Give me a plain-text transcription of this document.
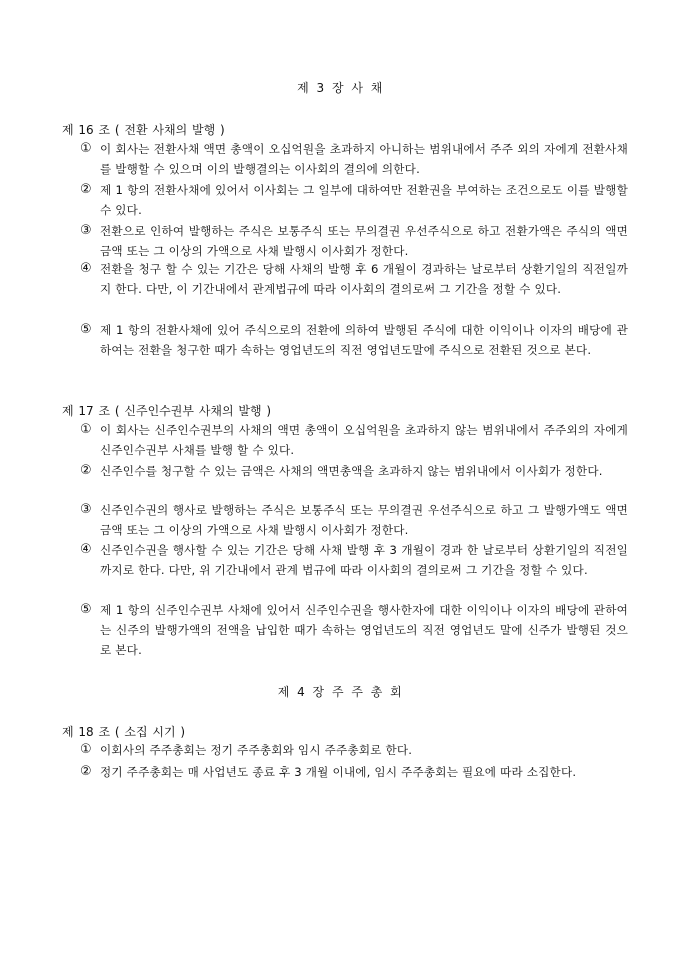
제 3 장 사 채
제 16 조 ( 전환 사채의 발행 )
① 이 회사는 전환사채 액면 총액이 오십억원을 초과하지 아니하는 범위내에서 주주 외의 자에게 전환사채를 발행할 수 있으며 이의 발행결의는 이사회의 결의에 의한다.
② 제 1 항의 전환사채에 있어서 이사회는 그 일부에 대하여만 전환권을 부여하는 조건으로도 이를 발행할 수 있다.
③ 전환으로 인하여 발행하는 주식은 보통주식 또는 무의결권 우선주식으로 하고 전환가액은 주식의 액면금액 또는 그 이상의 가액으로 사채 발행시 이사회가 정한다.
④ 전환을 청구 할 수 있는 기간은 당해 사채의 발행 후 6 개월이 경과하는 날로부터 상환기일의 직전일까지 한다. 다만, 이 기간내에서 관계법규에 따라 이사회의 결의로써 그 기간을 정할 수 있다.
⑤ 제 1 항의 전환사채에 있어 주식으로의 전환에 의하여 발행된 주식에 대한 이익이나 이자의 배당에 관하여는 전환을 청구한 때가 속하는 영업년도의 직전 영업년도말에 주식으로 전환된 것으로 본다.
제 17 조 ( 신주인수권부 사채의 발행 )
① 이 회사는 신주인수권부의 사채의 액면 총액이 오십억원을 초과하지 않는 범위내에서 주주외의 자에게 신주인수권부 사채를 발행 할 수 있다.
② 신주인수를 청구할 수 있는 금액은 사채의 액면총액을 초과하지 않는 범위내에서 이사회가 정한다.
③ 신주인수권의 행사로 발행하는 주식은 보통주식 또는 무의결권 우선주식으로 하고 그 발행가액도 액면금액 또는 그 이상의 가액으로 사채 발행시 이사회가 정한다.
④ 신주인수권을 행사할 수 있는 기간은 당해 사채 발행 후 3 개월이 경과 한 날로부터 상환기일의 직전일까지로 한다. 다만, 위 기간내에서 관계 법규에 따라 이사회의 결의로써 그 기간을 정할 수 있다.
⑤ 제 1 항의 신주인수권부 사채에 있어서 신주인수권을 행사한자에 대한 이익이나 이자의 배당에 관하여는 신주의 발행가액의 전액을 납입한 때가 속하는 영업년도의 직전 영업년도 말에 신주가 발행된 것으로 본다.
제 4 장 주 주 총 회
제 18 조 ( 소집 시기 )
① 이회사의 주주총회는 정기 주주총회와 임시 주주총회로 한다.
② 정기 주주총회는 매 사업년도 종료 후 3 개월 이내에, 임시 주주총회는 필요에 따라 소집한다.
